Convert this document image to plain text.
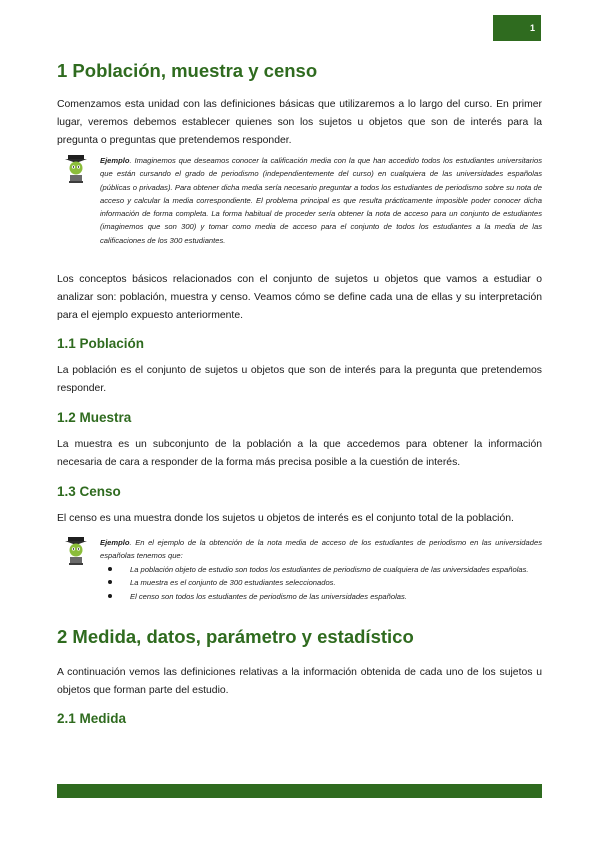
1
1 Población, muestra y censo

Comenzamos esta unidad con las definiciones básicas que utilizaremos a lo largo del curso. En primer lugar, veremos debemos establecer quienes son los sujetos u objetos que son de interés para la pregunta o preguntas que pretendemos responder.

Ejemplo. Imaginemos que deseamos conocer la calificación media con la que han accedido todos los estudiantes universitarios que están cursando el grado de periodismo (independientemente del curso) en cualquiera de las universidades españolas (públicas o privadas). Para obtener dicha media sería necesario preguntar a todos los estudiantes de periodismo sobre su nota de acceso y calcular la media correspondiente. El problema principal es que resulta prácticamente imposible poder conocer dicha información de forma completa. La forma habitual de proceder sería obtener la nota de acceso para un conjunto de estudiantes (imaginemos que son 300) y tomar como media de acceso para el conjunto de todos los estudiantes a la media de las calificaciones de los 300 estudiantes.

Los conceptos básicos relacionados con el conjunto de sujetos u objetos que vamos a estudiar o analizar son: población, muestra y censo. Veamos cómo se define cada una de ellas y su interpretación para el ejemplo expuesto anteriormente.

1.1 Población

La población es el conjunto de sujetos u objetos que son de interés para la pregunta que pretendemos responder.

1.2 Muestra

La muestra es un subconjunto de la población a la que accedemos para obtener la información necesaria de cara a responder de la forma más precisa posible a la cuestión de interés.

1.3 Censo

El censo es una muestra donde los sujetos u objetos de interés es el conjunto total de la población.

Ejemplo. En el ejemplo de la obtención de la nota media de acceso de los estudiantes de periodismo en las universidades españolas tenemos que:

La población objeto de estudio son todos los estudiantes de periodismo de cualquiera de las universidades españolas.
La muestra es el conjunto de 300 estudiantes seleccionados.
El censo son todos los estudiantes de periodismo de las universidades españolas.
2 Medida, datos, parámetro y estadístico

A continuación vemos las definiciones relativas a la información obtenida de cada uno de los sujetos u objetos que forman parte del estudio.

2.1 Medida
